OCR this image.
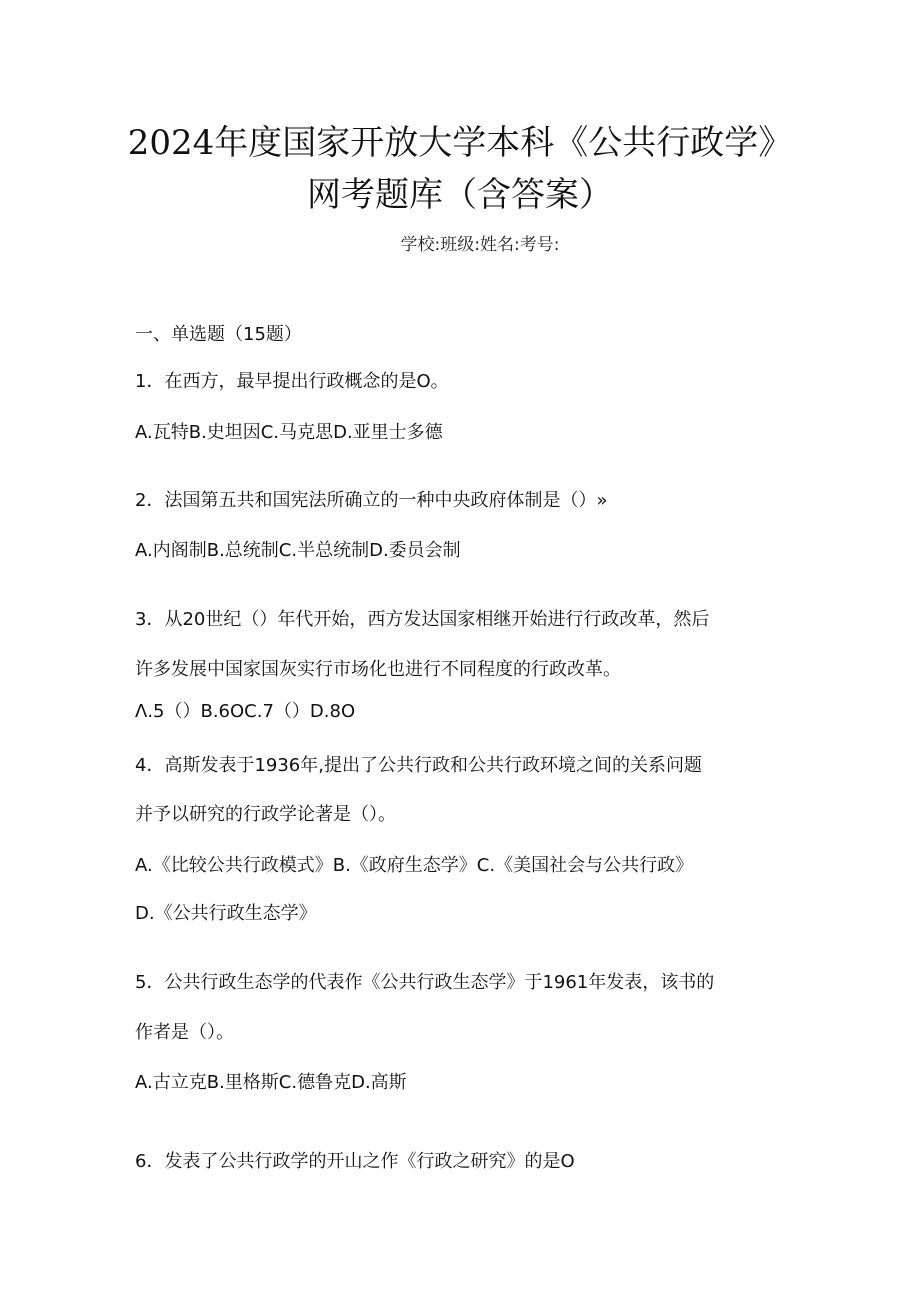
2024年度国家开放大学本科《公共行政学》
网考题库（含答案）
学校:班级:姓名:考号:
一、单选题（15题）
1．在西方，最早提出行政概念的是O。
A.瓦特B.史坦因C.马克思D.亚里士多德
2．法国第五共和国宪法所确立的一种中央政府体制是（）»
A.内阁制B.总统制C.半总统制D.委员会制
3．从20世纪（）年代开始，西方发达国家相继开始进行行政改革，然后
许多发展中国家国灰实行市场化也进行不同程度的行政改革。
Λ.5（）B.6OC.7（）D.8O
4．高斯发表于1936年,提出了公共行政和公共行政环境之间的关系问题
并予以研究的行政学论著是（）。
A.《比较公共行政模式》B.《政府生态学》C.《美国社会与公共行政》
D.《公共行政生态学》
5．公共行政生态学的代表作《公共行政生态学》于1961年发表，该书的
作者是（）。
A.古立克B.里格斯C.德鲁克D.高斯
6．发表了公共行政学的开山之作《行政之研究》的是O
